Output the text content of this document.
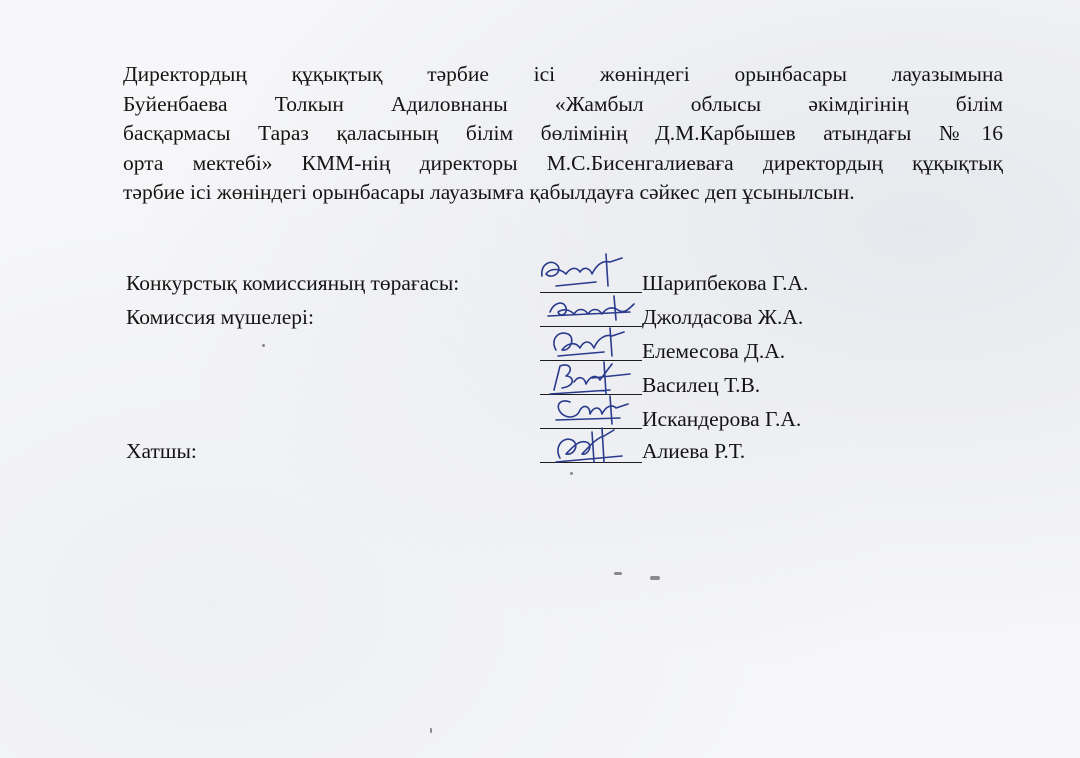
Директордың құқықтық тәрбие ісі жөніндегі орынбасары лауазымына
Буйенбаева Толкын Адиловнаны «Жамбыл облысы әкімдігінің білім
басқармасы Тараз қаласының білім бөлімінің Д.М.Карбышев атындағы №16
орта мектебі» КММ-нің директоры М.С.Бисенгалиеваға директордың құқықтық
тәрбие ісі жөніндегі орынбасары лауазымға қабылдауға сәйкес деп ұсынылсын.
Конкурстық комиссияның төрағасы:
Комиссия мүшелері:
Хатшы:
Шарипбекова Г.А.
Джолдасова Ж.А.
Елемесова Д.А.
Василец Т.В.
Искандерова Г.А.
Алиева Р.Т.
